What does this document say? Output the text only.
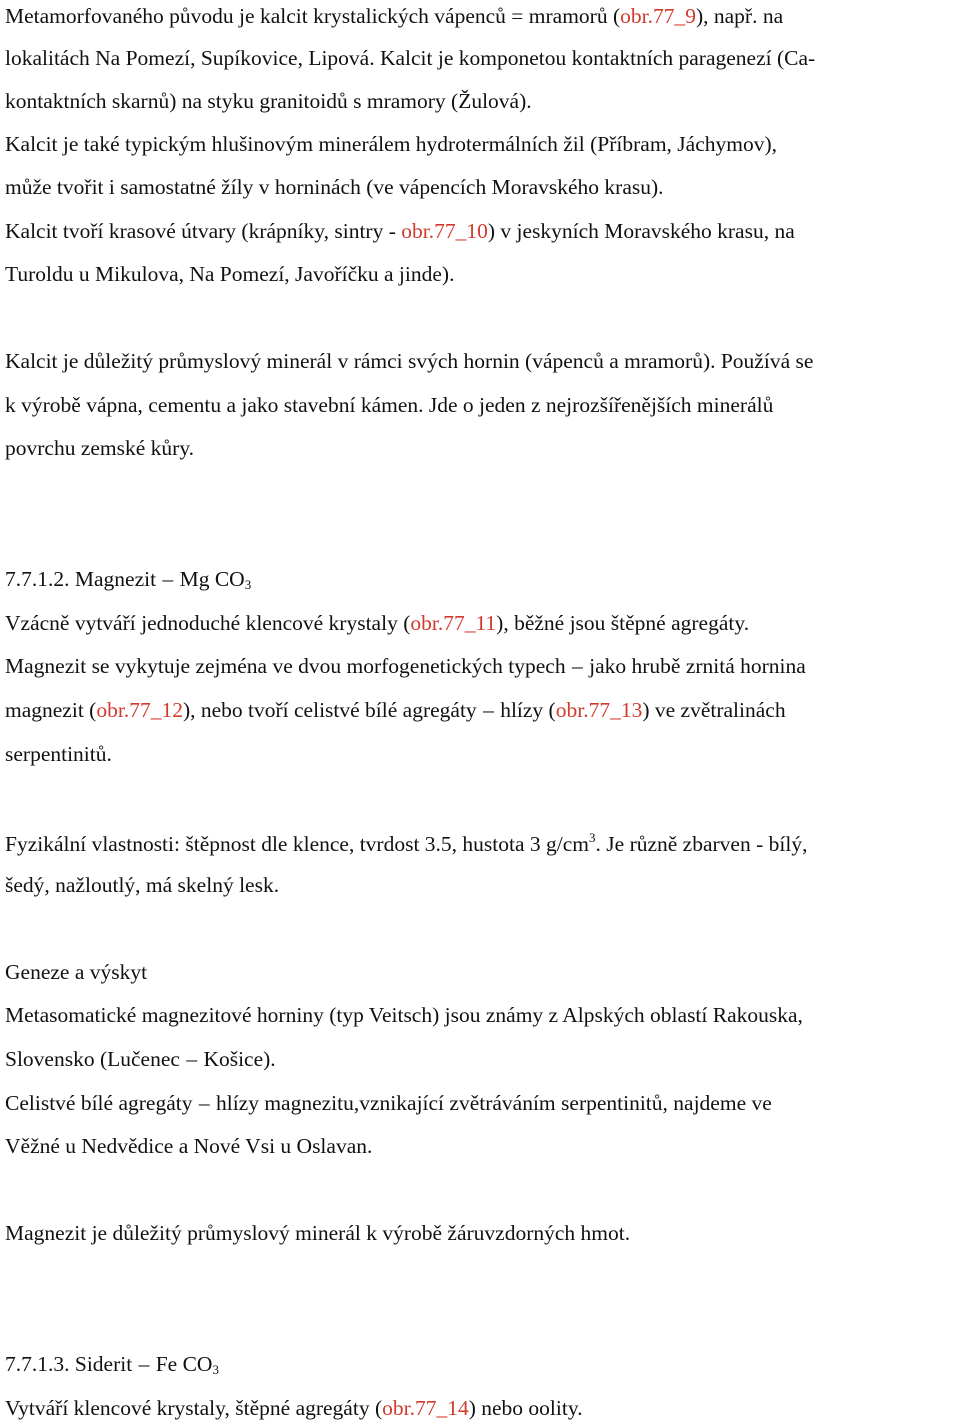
Metamorfovaného původu je kalcit krystalických vápenců = mramorů (obr.77_9), např. na
lokalitách Na Pomezí, Supíkovice, Lipová. Kalcit je komponetou kontaktních paragenezí (Ca-
kontaktních skarnů) na styku granitoidů s mramory (Žulová).
Kalcit je také typickým hlušinovým minerálem hydrotermálních žil (Příbram, Jáchymov),
může tvořit i samostatné žíly v horninách (ve vápencích Moravského krasu).
Kalcit tvoří krasové útvary (krápníky, sintry - obr.77_10) v jeskyních Moravského krasu, na
Turoldu u Mikulova, Na Pomezí, Javoříčku a jinde).
Kalcit je důležitý průmyslový minerál v rámci svých hornin (vápenců a mramorů). Používá se
k výrobě vápna, cementu a jako stavební kámen. Jde o jeden z nejrozšířenějších minerálů
povrchu zemské kůry.
7.7.1.2. Magnezit – Mg $CO_3$
Vzácně vytváří jednoduché klencové krystaly (obr.77_11), běžné jsou štěpné agregáty.
Magnezit se vykytuje zejména ve dvou morfogenetických typech – jako hrubě zrnitá hornina
magnezit (obr.77_12), nebo tvoří celistvé bílé agregáty – hlízy (obr.77_13) ve zvětralinách
serpentinitů.
Fyzikální vlastnosti: štěpnost dle klence, tvrdost 3.5, hustota 3 $g/cm^3$. Je různě zbarven - bílý,
šedý, nažloutlý, má skelný lesk.
Geneze a výskyt
Metasomatické magnezitové horniny (typ Veitsch) jsou známy z Alpských oblastí Rakouska,
Slovensko (Lučenec – Košice).
Celistvé bílé agregáty – hlízy magnezitu,vznikající zvětráváním serpentinitů, najdeme ve
Věžné u Nedvědice a Nové Vsi u Oslavan.
Magnezit je důležitý průmyslový minerál k výrobě žáruvzdorných hmot.
7.7.1.3. Siderit – Fe $CO_3$
Vytváří klencové krystaly, štěpné agregáty (obr.77_14) nebo oolity.
